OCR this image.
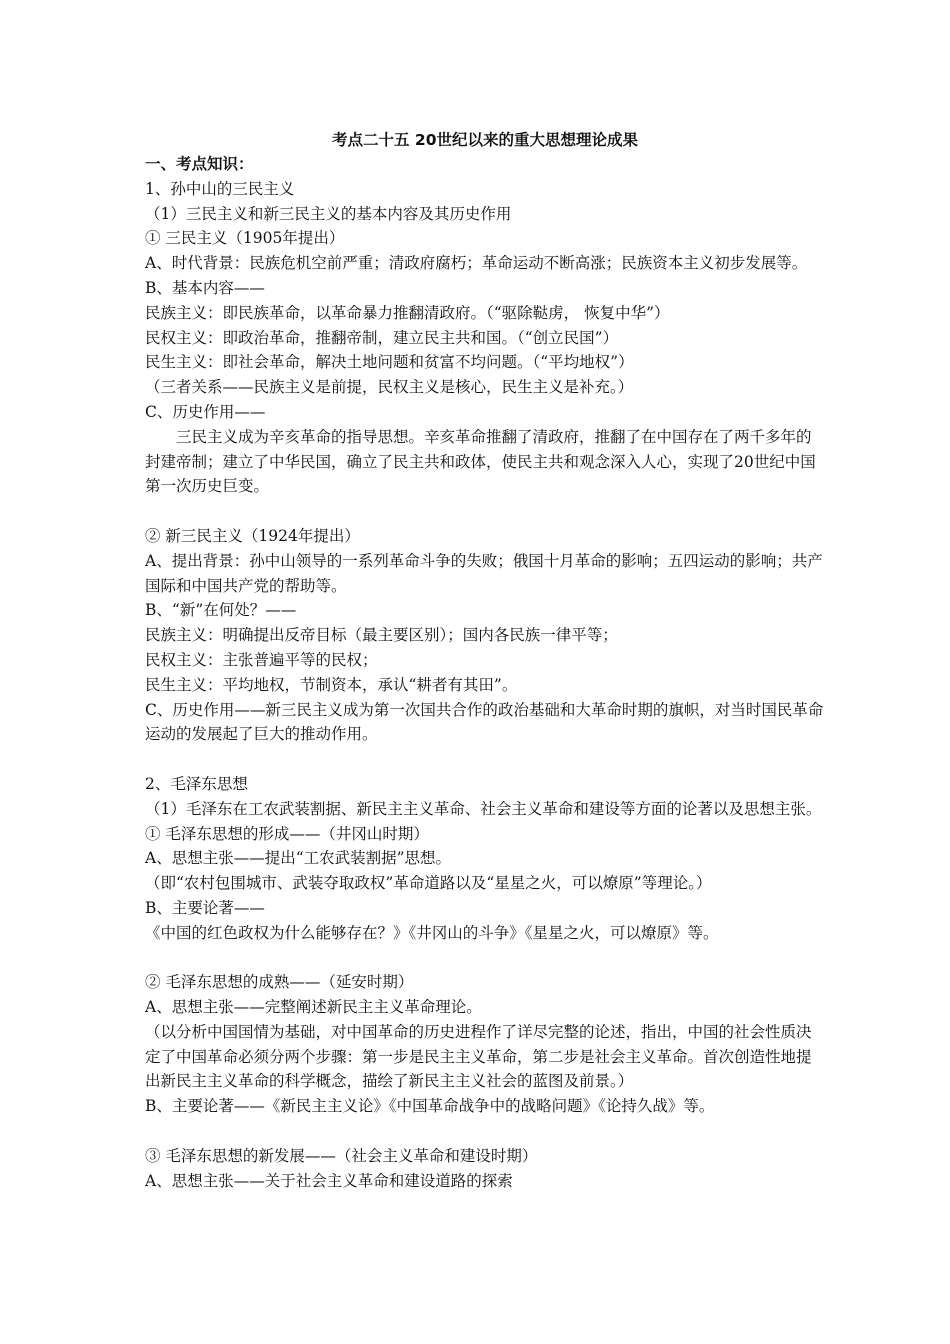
考点二十五 20世纪以来的重大思想理论成果

一、考点知识：

1、孙中山的三民主义

（1）三民主义和新三民主义的基本内容及其历史作用

① 三民主义（1905年提出）

A、时代背景：民族危机空前严重；清政府腐朽；革命运动不断高涨；民族资本主义初步发展等。

B、基本内容——

民族主义：即民族革命，以革命暴力推翻清政府。（“驱除鞑虏， 恢复中华”）

民权主义：即政治革命，推翻帝制，建立民主共和国。（“创立民国”）

民生主义：即社会革命，解决土地问题和贫富不均问题。（“平均地权”）

（三者关系——民族主义是前提，民权主义是核心，民生主义是补充。）

C、历史作用——

三民主义成为辛亥革命的指导思想。辛亥革命推翻了清政府，推翻了在中国存在了两千多年的封建帝制；建立了中华民国，确立了民主共和政体，使民主共和观念深入人心，实现了20世纪中国第一次历史巨变。

② 新三民主义（1924年提出）

A、提出背景：孙中山领导的一系列革命斗争的失败；俄国十月革命的影响；五四运动的影响；共产国际和中国共产党的帮助等。

B、“新”在何处？——

民族主义：明确提出反帝目标（最主要区别）；国内各民族一律平等；

民权主义：主张普遍平等的民权；

民生主义：平均地权，节制资本，承认“耕者有其田”。

C、历史作用——新三民主义成为第一次国共合作的政治基础和大革命时期的旗帜，对当时国民革命运动的发展起了巨大的推动作用。

2、毛泽东思想

（1）毛泽东在工农武装割据、新民主主义革命、社会主义革命和建设等方面的论著以及思想主张。

① 毛泽东思想的形成——（井冈山时期）

A、思想主张——提出“工农武装割据”思想。

（即“农村包围城市、武装夺取政权”革命道路以及“星星之火，可以燎原”等理论。）

B、主要论著——

《中国的红色政权为什么能够存在？》《井冈山的斗争》《星星之火，可以燎原》等。

② 毛泽东思想的成熟——（延安时期）

A、思想主张——完整阐述新民主主义革命理论。

（以分析中国国情为基础，对中国革命的历史进程作了详尽完整的论述，指出，中国的社会性质决定了中国革命必须分两个步骤：第一步是民主主义革命，第二步是社会主义革命。首次创造性地提出新民主主义革命的科学概念，描绘了新民主主义社会的蓝图及前景。）

B、主要论著——《新民主主义论》《中国革命战争中的战略问题》《论持久战》等。

③ 毛泽东思想的新发展——（社会主义革命和建设时期）

A、思想主张——关于社会主义革命和建设道路的探索
